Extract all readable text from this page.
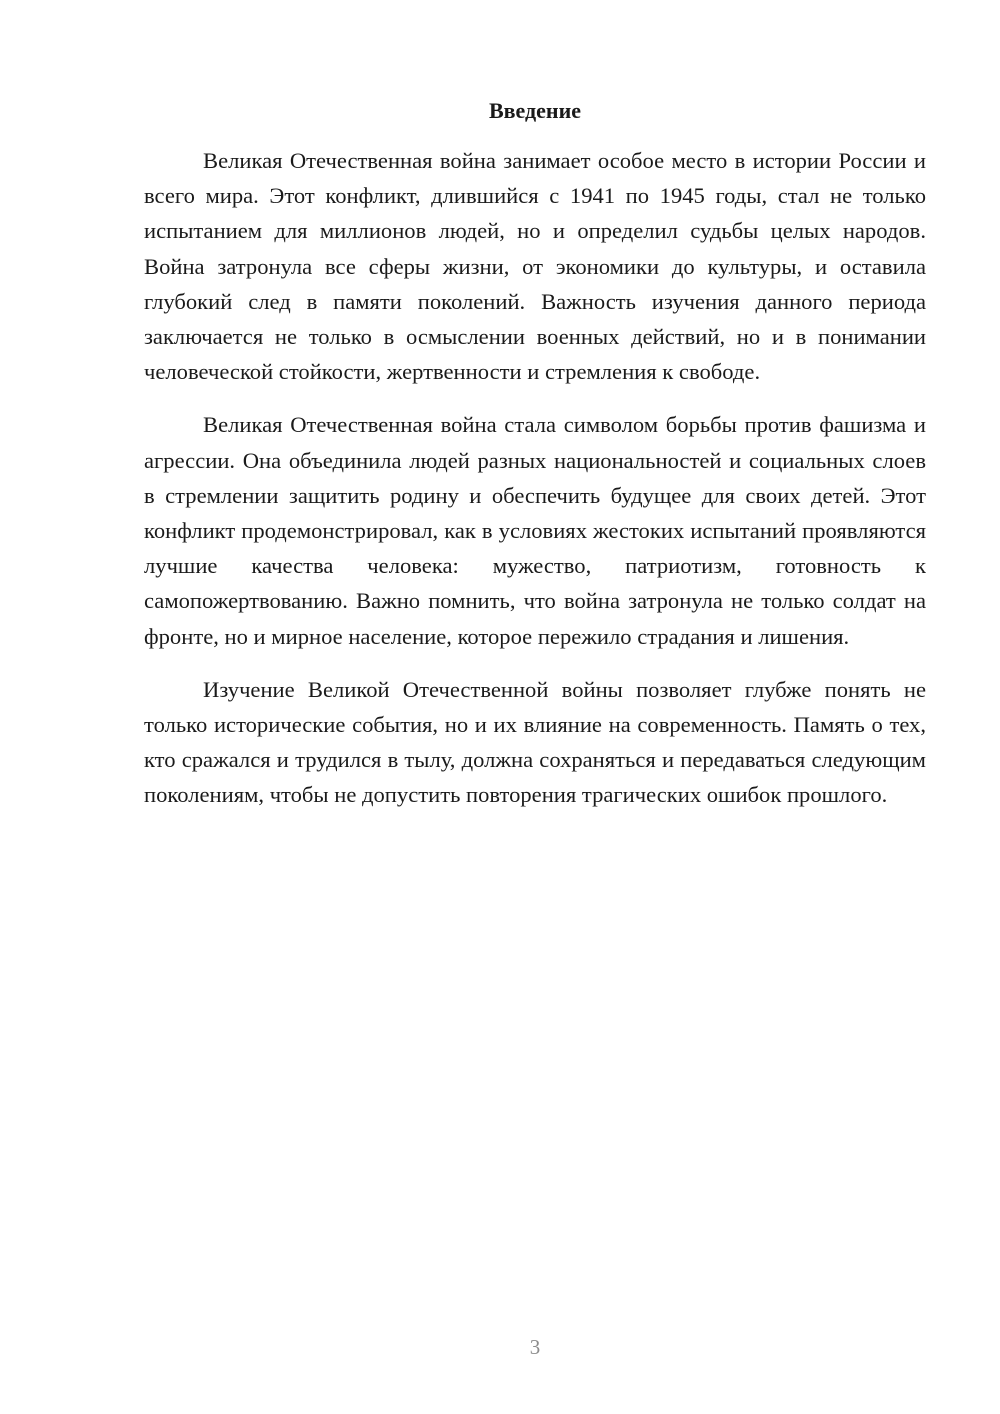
Введение

Великая Отечественная война занимает особое место в истории России и всего мира. Этот конфликт, длившийся с 1941 по 1945 годы, стал не только испытанием для миллионов людей, но и определил судьбы целых народов. Война затронула все сферы жизни, от экономики до культуры, и оставила глубокий след в памяти поколений. Важность изучения данного периода заключается не только в осмыслении военных действий, но и в понимании человеческой стойкости, жертвенности и стремления к свободе.

Великая Отечественная война стала символом борьбы против фашизма и агрессии. Она объединила людей разных национальностей и социальных слоев в стремлении защитить родину и обеспечить будущее для своих детей. Этот конфликт продемонстрировал, как в условиях жестоких испытаний проявляются лучшие качества человека: мужество, патриотизм, готовность к самопожертвованию. Важно помнить, что война затронула не только солдат на фронте, но и мирное население, которое пережило страдания и лишения.

Изучение Великой Отечественной войны позволяет глубже понять не только исторические события, но и их влияние на современность. Память о тех, кто сражался и трудился в тылу, должна сохраняться и передаваться следующим поколениям, чтобы не допустить повторения трагических ошибок прошлого.

3
